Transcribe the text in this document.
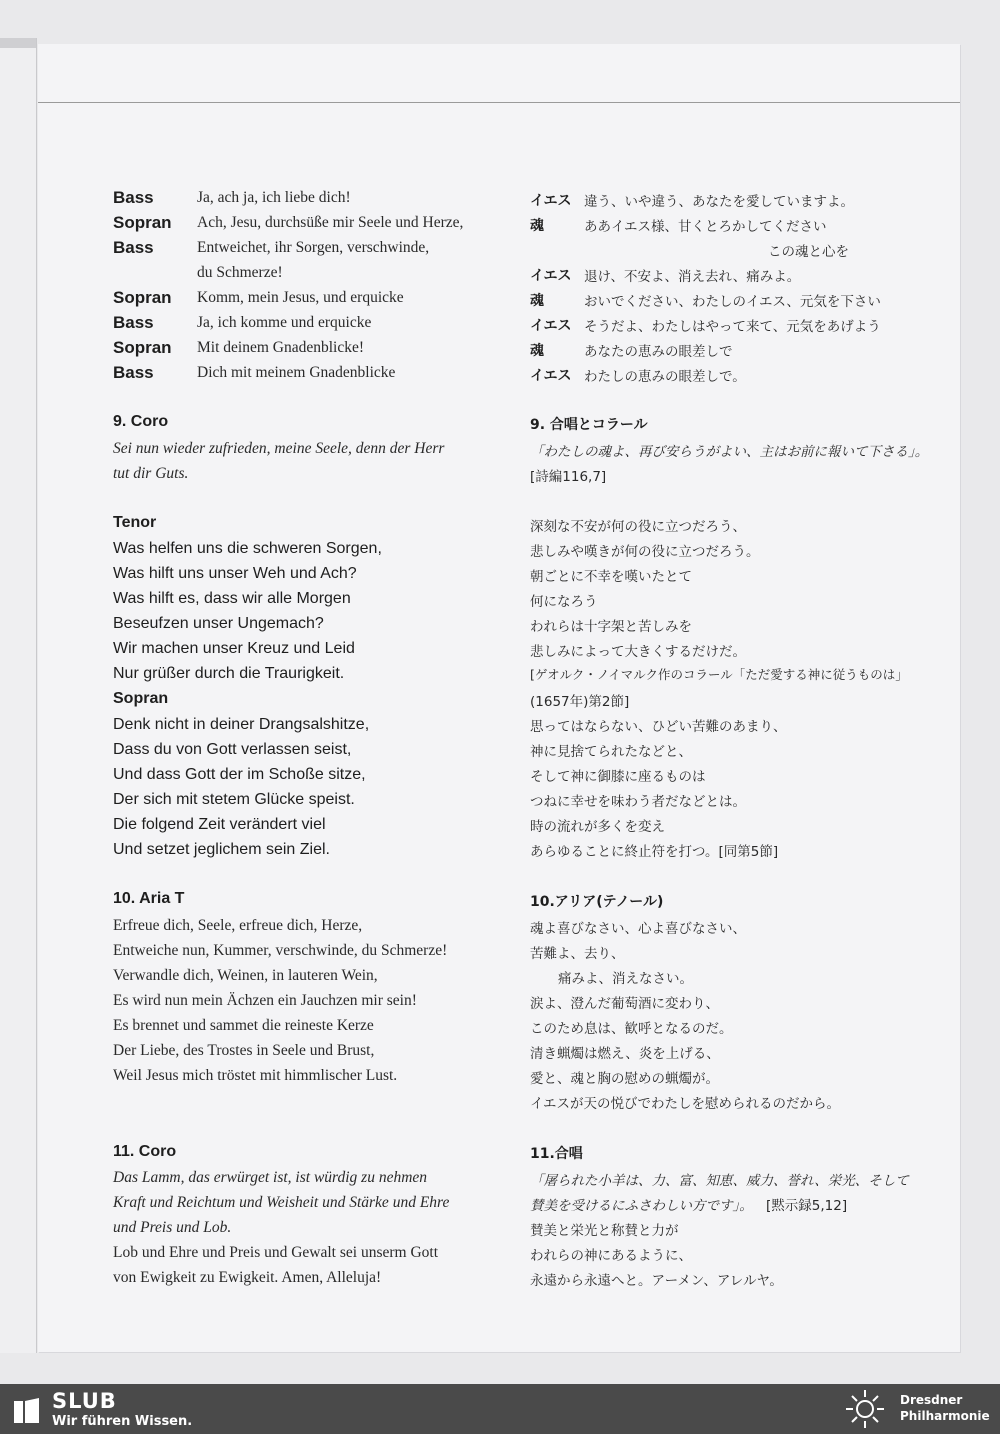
Bass	Ja, ach ja, ich liebe dich!
Sopran Ach, Jesu, durchsüße mir Seele und Herze,
Bass	Entweichet, ihr Sorgen, verschwinde,
du Schmerze!
Sopran Komm, mein Jesus, und erquicke
Bass	Ja, ich komme und erquicke
Sopran Mit deinem Gnadenblicke!
Bass	Dich mit meinem Gnadenblicke
9. Coro
Sei nun wieder zufrieden, meine Seele, denn der Herr
tut dir Guts.
Tenor
Was helfen uns die schweren Sorgen,
Was hilft uns unser Weh und Ach?
Was hilft es, dass wir alle Morgen
Beseufzen unser Ungemach?
Wir machen unser Kreuz und Leid
Nur grüßer durch die Traurigkeit.
Sopran
Denk nicht in deiner Drangsalshitze,
Dass du von Gott verlassen seist,
Und dass Gott der im Schoße sitze,
Der sich mit stetem Glücke speist.
Die folgend Zeit verändert viel
Und setzet jeglichem sein Ziel.
10. Aria T
Erfreue dich, Seele, erfreue dich, Herze,
Entweiche nun, Kummer, verschwinde, du Schmerze!
Verwandle dich, Weinen, in lauteren Wein,
Es wird nun mein Ächzen ein Jauchzen mir sein!
Es brennet und sammet die reineste Kerze
Der Liebe, des Trostes in Seele und Brust,
Weil Jesus mich tröstet mit himmlischer Lust.
11. Coro
Das Lamm, das erwürget ist, ist würdig zu nehmen
Kraft und Reichtum und Weisheit und Stärke und Ehre
und Preis und Lob.
Lob und Ehre und Preis und Gewalt sei unserm Gott
von Ewigkeit zu Ewigkeit. Amen, Alleluja!
イエス 違う、いや違う、あなたを愛していますよ。
魂	ああイエス様、甘くとろかしてください
この魂と心を
イエス 退け、不安よ、消え去れ、痛みよ。
魂	おいでください、わたしのイエス、元気を下さい
イエス そうだよ、わたしはやって来て、元気をあげよう
魂	あなたの恵みの眼差しで
イエス わたしの恵みの眼差しで。
9. 合唱とコラール
「わたしの魂よ、再び安らうがよい、主はお前に報いて下さる」。
[詩編116,7]
深刻な不安が何の役に立つだろう、
悲しみや嘆きが何の役に立つだろう。
朝ごとに不幸を嘆いたとて
何になろう
われらは十字架と苦しみを
悲しみによって大きくするだけだ。
[ゲオルク・ノイマルク作のコラール「ただ愛する神に従うものは」
(1657年)第2節]
思ってはならない、ひどい苦難のあまり、
神に見捨てられたなどと、
そして神に御膝に座るものは
つねに幸せを味わう者だなどとは。
時の流れが多くを変え
あらゆることに終止符を打つ。[同第5節]
10.アリア(テノール)
魂よ喜びなさい、心よ喜びなさい、
苦難よ、去り、
痛みよ、消えなさい。
涙よ、澄んだ葡萄酒に変わり、
このため息は、歓呼となるのだ。
清き蝋燭は燃え、炎を上げる、
愛と、魂と胸の慰めの蝋燭が。
イエスが天の悦びでわたしを慰められるのだから。
11.合唱
「屠られた小羊は、力、富、知恵、威力、誉れ、栄光、そして
賛美を受けるにふさわしい方です」。 [黙示録5,12]
賛美と栄光と称賛と力が
われらの神にあるように、
永遠から永遠へと。アーメン、アレルヤ。
SLUB
Wir führen Wissen.
Dresdner
Philharmonie
